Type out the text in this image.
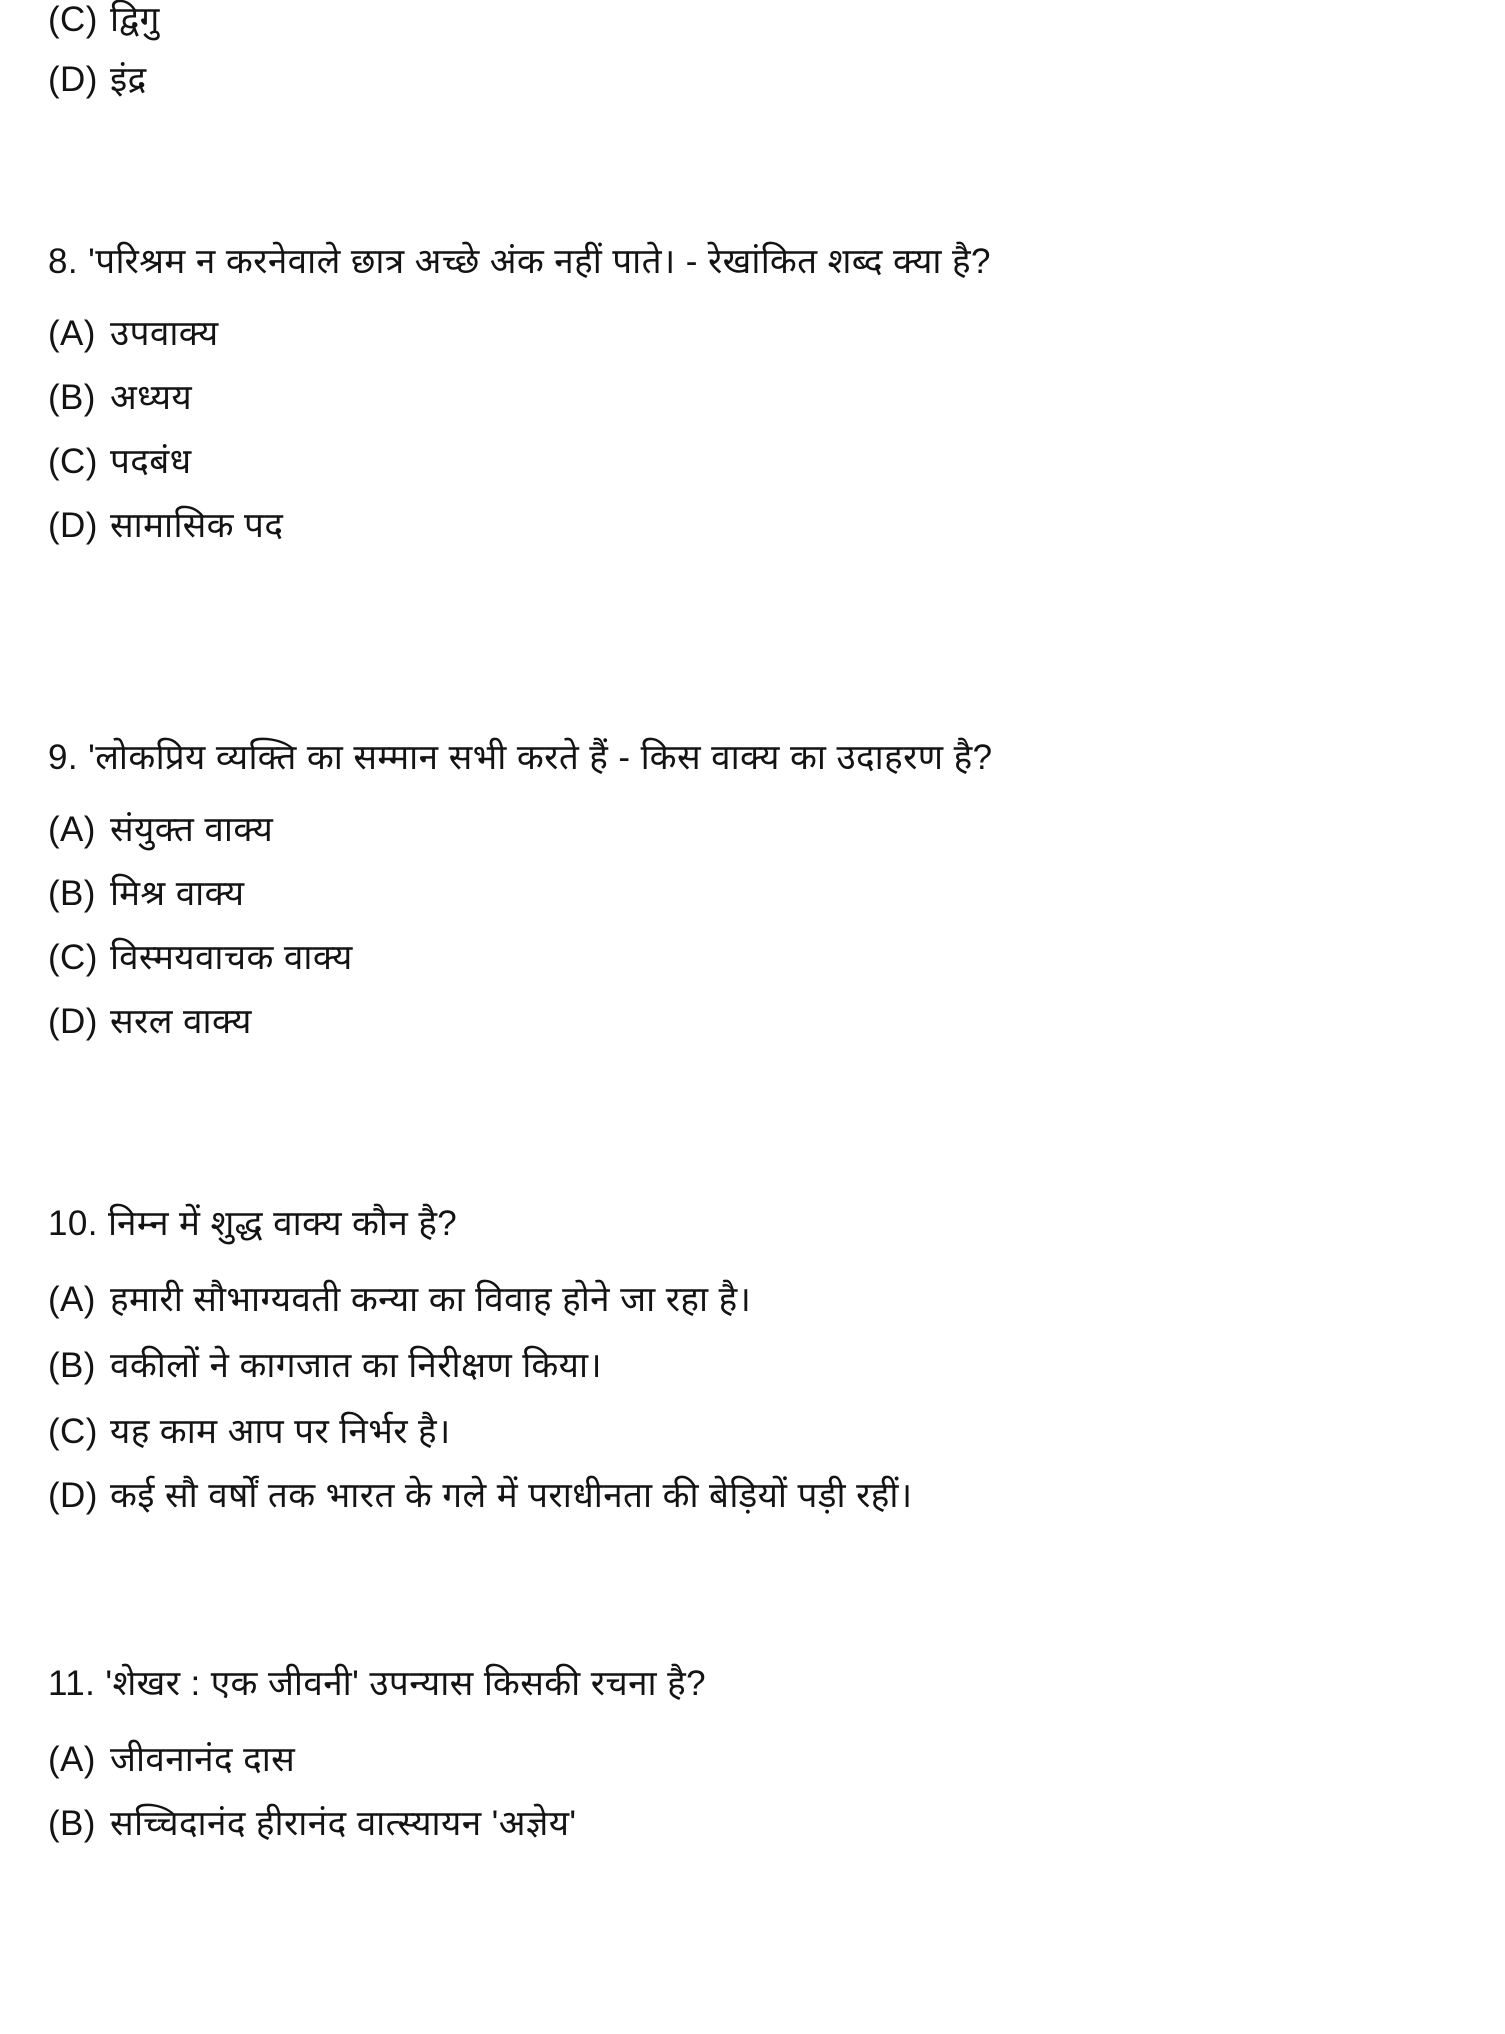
(C) द्विगु
(D) इंद्र
8. 'परिश्रम न करनेवाले छात्र अच्छे अंक नहीं पाते। - रेखांकित शब्द क्या है?
(A) उपवाक्य
(B) अध्यय
(C) पदबंध
(D) सामासिक पद
9. 'लोकप्रिय व्यक्ति का सम्मान सभी करते हैं - किस वाक्य का उदाहरण है?
(A) संयुक्त वाक्य
(B) मिश्र वाक्य
(C) विस्मयवाचक वाक्य
(D) सरल वाक्य
10. निम्न में शुद्ध वाक्य कौन है?
(A) हमारी सौभाग्यवती कन्या का विवाह होने जा रहा है।
(B) वकीलों ने कागजात का निरीक्षण किया।
(C) यह काम आप पर निर्भर है।
(D) कई सौ वर्षों तक भारत के गले में पराधीनता की बेड़ियों पड़ी रहीं।
11. 'शेखर : एक जीवनी' उपन्यास किसकी रचना है?
(A) जीवनानंद दास
(B) सच्चिदानंद हीरानंद वात्स्यायन 'अज्ञेय'
